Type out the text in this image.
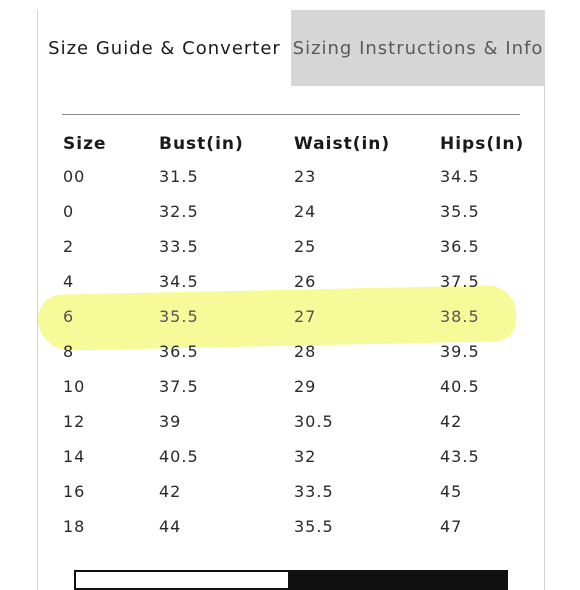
Size Guide & Converter Sizing Instructions & Info
Size	Bust(in)	Waist(in)	Hips(In)
00	31.5	23	34.5
0	32.5	24	35.5
2	33.5	25	36.5
4	34.5	26	37.5
6	35.5	27	38.5
8	36.5	28	39.5
10	37.5	29	40.5
12	39	30.5	42
14	40.5	32	43.5
16	42	33.5	45
18	44	35.5	47
